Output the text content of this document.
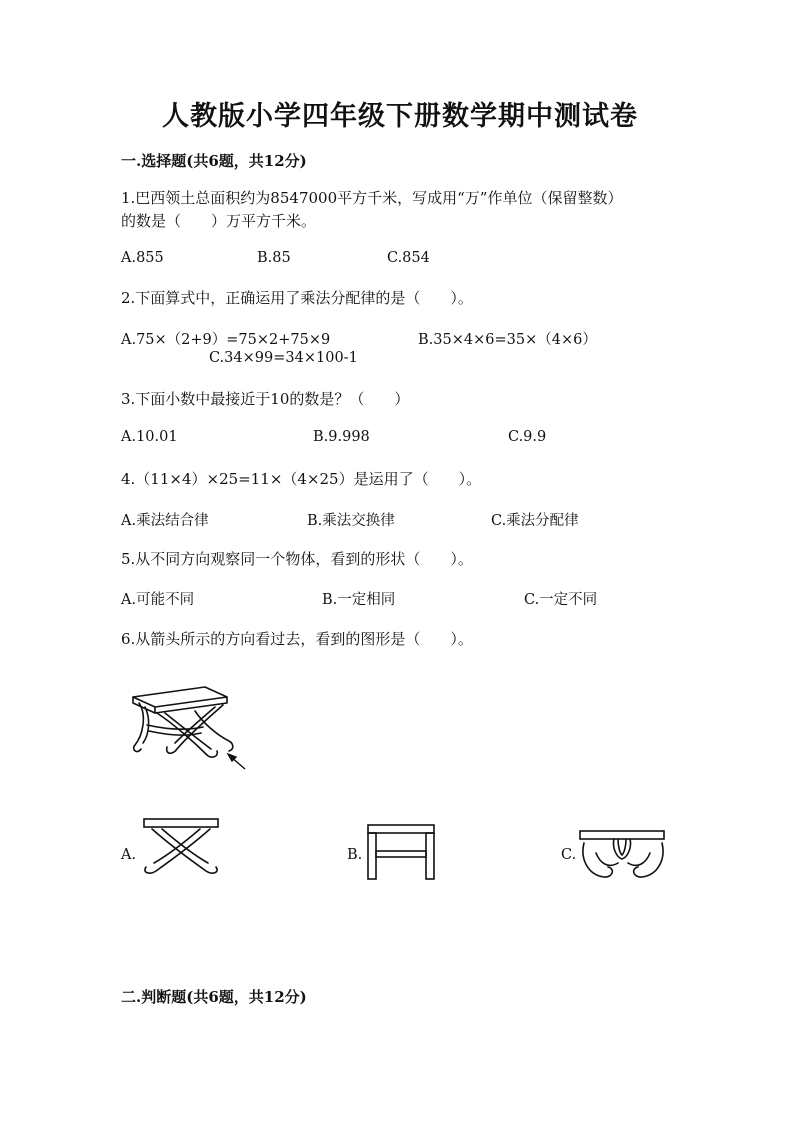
人教版小学四年级下册数学期中测试卷
一.选择题(共6题，共12分)
1.巴西领土总面积约为8547000平方千米，写成用“万”作单位（保留整数）
的数是（　　）万平方千米。
A.855	B.85	C.854
2.下面算式中，正确运用了乘法分配律的是（　　）。
A.75×（2+9）=75×2+75×9	B.35×4×6=35×（4×6）
C.34×99=34×100-1
3.下面小数中最接近于10的数是？（　　）
A.10.01	B.9.998	C.9.9
4.（11×4）×25=11×（4×25）是运用了（　　）。
A.乘法结合律	B.乘法交换律	C.乘法分配律
5.从不同方向观察同一个物体，看到的形状（　　）。
A.可能不同	B.一定相同	C.一定不同
6.从箭头所示的方向看过去，看到的图形是（　　）。
A.	B.	C.
二.判断题(共6题，共12分)
